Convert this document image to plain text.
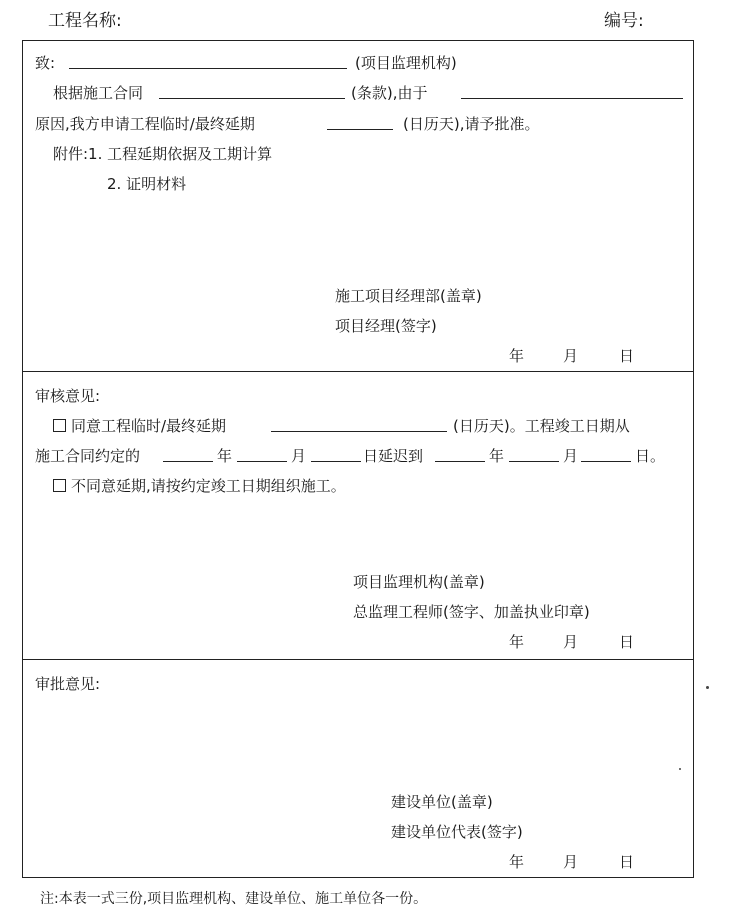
工程名称:	编号:
致:	(项目监理机构)
根据施工合同	(条款),由于
原因,我方申请工程临时/最终延期	(日历天),请予批准。
附件:1. 工程延期依据及工期计算
2. 证明材料
施工项目经理部(盖章)
项目经理(签字)
年	月	日
审核意见:
同意工程临时/最终延期	(日历天)。工程竣工日期从
施工合同约定的	年	月	日延迟到	年	月	日。
不同意延期,请按约定竣工日期组织施工。
项目监理机构(盖章)
总监理工程师(签字、加盖执业印章)
年	月	日
审批意见:
建设单位(盖章)
建设单位代表(签字)
年	月	日
注:本表一式三份,项目监理机构、建设单位、施工单位各一份。
